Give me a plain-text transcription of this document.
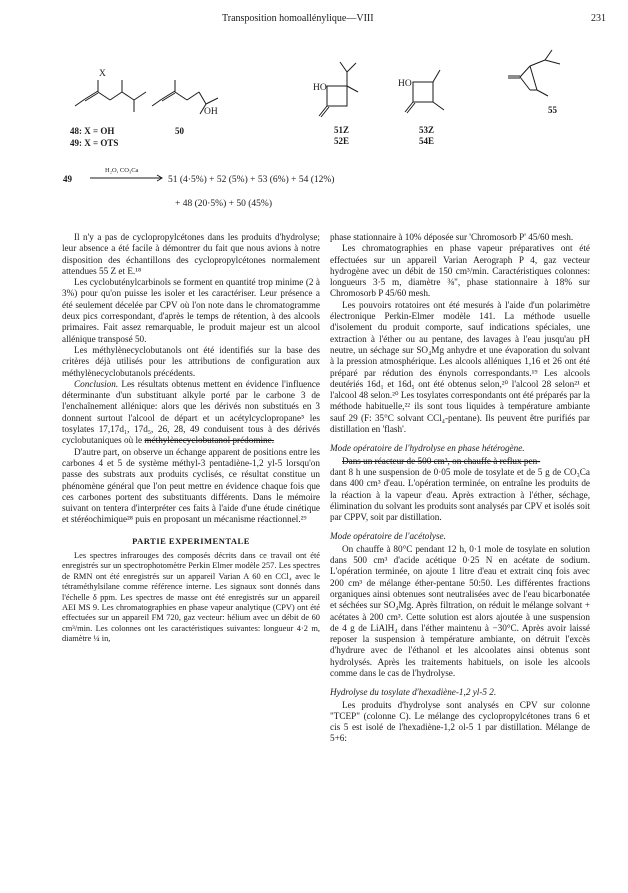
Transposition homoallénylique—VIII	231
X
48: X = OH
49: X = OTS
OH
50
HO
51Z
52E
HO
53Z
54E
55
49
H₂O, CO₃Ca
51 (4·5%) + 52 (5%) + 53 (6%) + 54 (12%)
+ 48 (20·5%) + 50 (45%)

Il n'y a pas de cyclopropylcétones dans les produits d'hydrolyse; leur absence a été facile à démontrer du fait que nous avions à notre disposition des échantillons des cyclopropylcétones normalement attendues 55 Z et E.¹⁸

Les cyclobuténylcarbinols se forment en quantité trop minime (2 à 3%) pour qu'on puisse les isoler et les caractériser. Leur présence a été seulement décelée par CPV où l'on note dans le chromatogramme deux pics correspondant, d'après le temps de rétention, à des alcools primaires. Fait assez remarquable, le produit majeur est un alcool allénique transposé 50.

Les méthylènecyclobutanols ont été identifiés sur la base des critères déjà utilisés pour les attributions de configuration aux méthylènecyclobutanols précédents.

Conclusion. Les résultats obtenus mettent en évidence l'influence déterminante d'un substituant alkyle porté par le carbone 3 de l'enchaînement allénique: alors que les dérivés non substitués en 3 donnent surtout l'alcool de départ et un acétylcyclopropane⁵ les tosylates 17,17d₁, 17d₅, 26, 28, 49 conduisent tous à des dérivés cyclobutaniques où le méthylènecyclobutanol prédomine.

D'autre part, on observe un échange apparent de positions entre les carbones 4 et 5 de système méthyl-3 pentadiène-1,2 yl-5 lorsqu'on passe des substrats aux produits cyclisés, ce résultat constitue un phénomène général que l'on peut mettre en évidence chaque fois que ces carbones portent des substituants différents. Dans le mémoire suivant on tentera d'interpréter ces faits à l'aide d'une étude cinétique et stéréochimique²⁸ puis en proposant un mécanisme réactionnel.²⁹

PARTIE EXPERIMENTALE

Les spectres infrarouges des composés décrits dans ce travail ont été enregistrés sur un spectrophotomètre Perkin Elmer modèle 257. Les spectres de RMN ont été enregistrés sur un appareil Varian A 60 en CCl₄ avec le tétraméthylsilane comme référence interne. Les signaux sont donnés dans l'échelle δ ppm. Les spectres de masse ont été enregistrés sur un appareil AEI MS 9. Les chromatographies en phase vapeur analytique (CPV) ont été effectuées sur un appareil FM 720, gaz vecteur: hélium avec un débit de 60 cm³/min. Les colonnes ont les caractéristiques suivantes: longueur 4·2 m, diamètre ¼ in,

phase stationnaire à 10% déposée sur 'Chromosorb P' 45/60 mesh.

Les chromatographies en phase vapeur préparatives ont été effectuées sur un appareil Varian Aerograph P 4, gaz vecteur hydrogène avec un débit de 150 cm³/min. Caractéristiques colonnes: longueurs 3·5 m, diamètre ⅜", phase stationnaire à 18% sur Chromosorb P 45/60 mesh.

Les pouvoirs rotatoires ont été mesurés à l'aide d'un polarimètre électronique Perkin-Elmer modèle 141. La méthode usuelle d'isolement du produit comporte, sauf indications spéciales, une extraction à l'éther ou au pentane, des lavages à l'eau jusqu'au pH neutre, un séchage sur SO₄Mg anhydre et une évaporation du solvant à la pression atmosphérique. Les alcools alléniques 1,16 et 26 ont été préparé par rédution des énynols correspondants.¹⁹ Les alcools deutériés 16d₁ et 16d₅ ont été obtenus selon,²⁰ l'alcool 28 selon²¹ et l'alcool 48 selon.²⁰ Les tosylates correspondants ont été préparés par la méthode habituelle,²² ils sont tous liquides à température ambiante sauf 29 (F: 35°C solvant CCl₄-pentane). Ils peuvent être purifiés par distillation en 'flash'.

Mode opératoire de l'hydrolyse en phase hétérogène.

Dans un réacteur de 500 cm³, on chauffe à reflux pen-

dant 8 h une suspension de 0·05 mole de tosylate et de 5 g de CO₃Ca dans 400 cm³ d'eau. L'opération terminée, on entraîne les produits de la réaction à la vapeur d'eau. Après extraction à l'éther, séchage, élimination du solvant les produits sont analysés par CPV et isolés soit par CPPV, soit par distillation.

Mode opératoire de l'acétolyse.

On chauffe à 80°C pendant 12 h, 0·1 mole de tosylate en solution dans 500 cm³ d'acide acétique 0·25 N en acétate de sodium. L'opération terminée, on ajoute 1 litre d'eau et extrait cinq fois avec 200 cm³ de mélange éther-pentane 50:50. Les différentes fractions organiques ainsi obtenues sont neutralisées avec de l'eau bicarbonatée et séchées sur SO₄Mg. Après filtration, on réduit le mélange solvant + acétates à 200 cm³. Cette solution est alors ajoutée à une suspension de 4 g de LiAlH₄ dans l'éther maintenu à −30°C. Après avoir laissé reposer la suspension à température ambiante, on détruit l'excès d'hydrure avec de l'éthanol et les alcoolates ainsi obtenus sont hydrolysés. Après les traitements habituels, on isole les alcools comme dans le cas de l'hydrolyse.

Hydrolyse du tosylate d'hexadiène-1,2 yl-5 2.

Les produits d'hydrolyse sont analysés en CPV sur colonne "TCEP" (colonne C). Le mélange des cyclopropylcétones trans 6 et cis 5 est isolé de l'hexadiène-1,2 ol-5 1 par distillation. Mélange de 5+6:
